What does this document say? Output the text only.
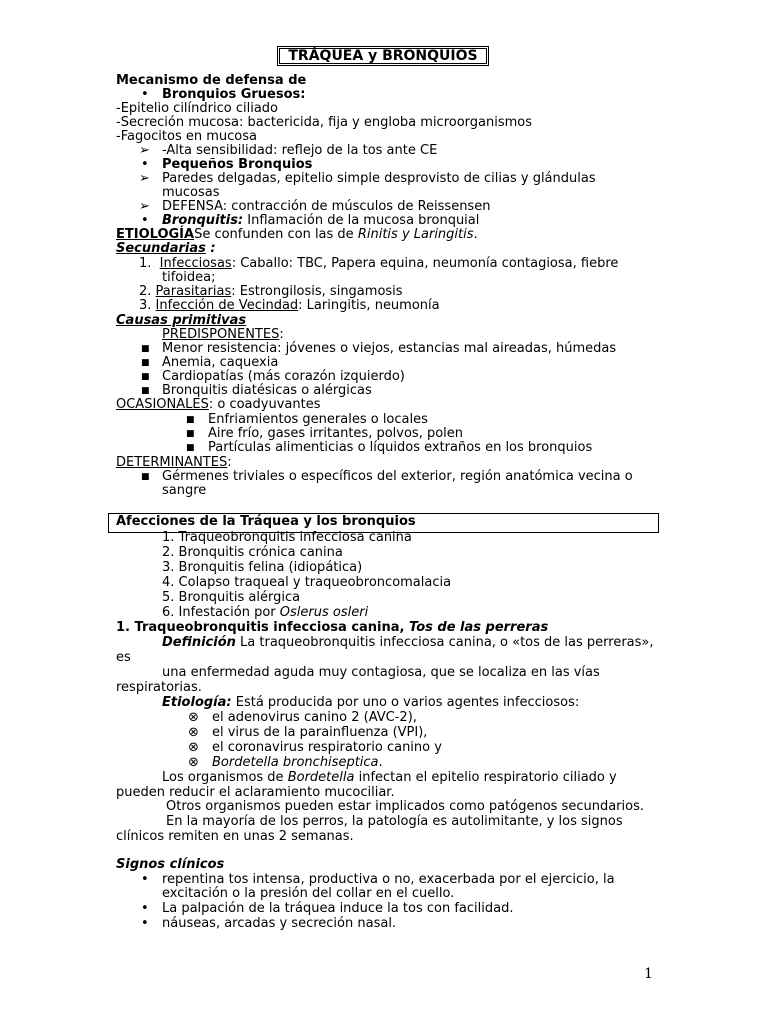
TRÁQUEA y BRONQUIOS
Mecanismo de defensa de
• Bronquios Gruesos:
-Epitelio cilíndrico ciliado
-Secreción mucosa: bactericida, fija y engloba microorganismos
-Fagocitos en mucosa
➢ -Alta sensibilidad: reflejo de la tos ante CE
• Pequeños Bronquios
➢ Paredes delgadas, epitelio simple desprovisto de cilias y glándulas
mucosas
➢ DEFENSA: contracción de músculos de Reissensen
• Bronquitis: Inflamación de la mucosa bronquial
ETIOLOGÍASe confunden con las de Rinitis y Laringitis.
Secundarias :
1. Infecciosas: Caballo: TBC, Papera equina, neumonía contagiosa, fiebre
tifoidea;
2. Parasitarias: Estrongilosis, singamosis
3. Infección de Vecindad: Laringitis, neumonía
Causas primitivas
PREDISPONENTES:
■ Menor resistencia: jóvenes o viejos, estancias mal aireadas, húmedas
■ Anemia, caquexia
■ Cardiopatías (más corazón izquierdo)
■ Bronquitis diatésicas o alérgicas
OCASIONALES: o coadyuvantes
■ Enfriamientos generales o locales
■ Aire frío, gases irritantes, polvos, polen
■ Partículas alimenticias o líquidos extraños en los bronquios
DETERMINANTES:
■ Gérmenes triviales o específicos del exterior, región anatómica vecina o
sangre
Afecciones de la Tráquea y los bronquios
1. Traqueobronquitis infecciosa canina
2. Bronquitis crónica canina
3. Bronquitis felina (idiopática)
4. Colapso traqueal y traqueobroncomalacia
5. Bronquitis alérgica
6. Infestación por Oslerus osleri
1. Traqueobronquitis infecciosa canina, Tos de las perreras
Definición La traqueobronquitis infecciosa canina, o «tos de las perreras»,
es
una enfermedad aguda muy contagiosa, que se localiza en las vías
respiratorias.
Etiología: Está producida por uno o varios agentes infecciosos:
⊗ el adenovirus canino 2 (AVC-2),
⊗ el virus de la parainfluenza (VPI),
⊗ el coronavirus respiratorio canino y
⊗ Bordetella bronchiseptica.
Los organismos de Bordetella infectan el epitelio respiratorio ciliado y
pueden reducir el aclaramiento mucociliar.
Otros organismos pueden estar implicados como patógenos secundarios.
En la mayoría de los perros, la patología es autolimitante, y los signos
clínicos remiten en unas 2 semanas.
Signos clínicos
• repentina tos intensa, productiva o no, exacerbada por el ejercicio, la
excitación o la presión del collar en el cuello.
• La palpación de la tráquea induce la tos con facilidad.
• náuseas, arcadas y secreción nasal.
1
